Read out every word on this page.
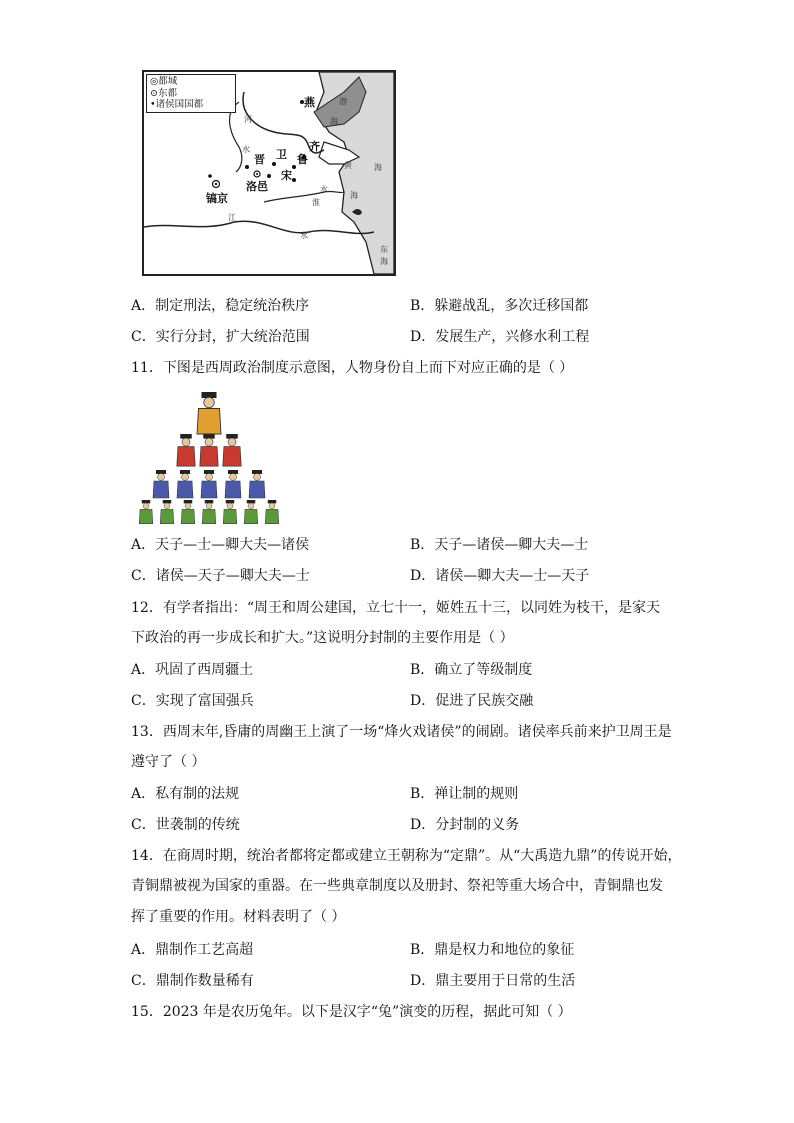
◎都城
⊙东都
•诸侯国国都	燕
齐
鲁
卫
晋
宋
洛邑
镐京
渤
海
黄	海
海
河
水
淮
水
江
水
东
海
A．制定刑法，稳定统治秩序	B．躲避战乱，多次迁移国都
C．实行分封，扩大统治范围	D．发展生产，兴修水利工程
11．下图是西周政治制度示意图，人物身份自上而下对应正确的是（ ）
A．天子—士—卿大夫—诸侯	B．天子—诸侯—卿大夫—士
C．诸侯—天子—卿大夫—士	D．诸侯—卿大夫—士—天子
12．有学者指出：“周王和周公建国，立七十一，姬姓五十三，以同姓为枝干，是家天
下政治的再一步成长和扩大。”这说明分封制的主要作用是（ ）
A．巩固了西周疆土	B．确立了等级制度
C．实现了富国强兵	D．促进了民族交融
13．西周末年,昏庸的周幽王上演了一场“烽火戏诸侯”的闹剧。诸侯率兵前来护卫周王是
遵守了（ ）
A．私有制的法规	B．禅让制的规则
C．世袭制的传统	D．分封制的义务
14．在商周时期，统治者都将定都或建立王朝称为“定鼎”。从“大禹造九鼎”的传说开始，
青铜鼎被视为国家的重器。在一些典章制度以及册封、祭祀等重大场合中，青铜鼎也发
挥了重要的作用。材料表明了（ ）
A．鼎制作工艺高超	B．鼎是权力和地位的象征
C．鼎制作数量稀有	D．鼎主要用于日常的生活
15．2023 年是农历兔年。以下是汉字“兔”演变的历程，据此可知（ ）
